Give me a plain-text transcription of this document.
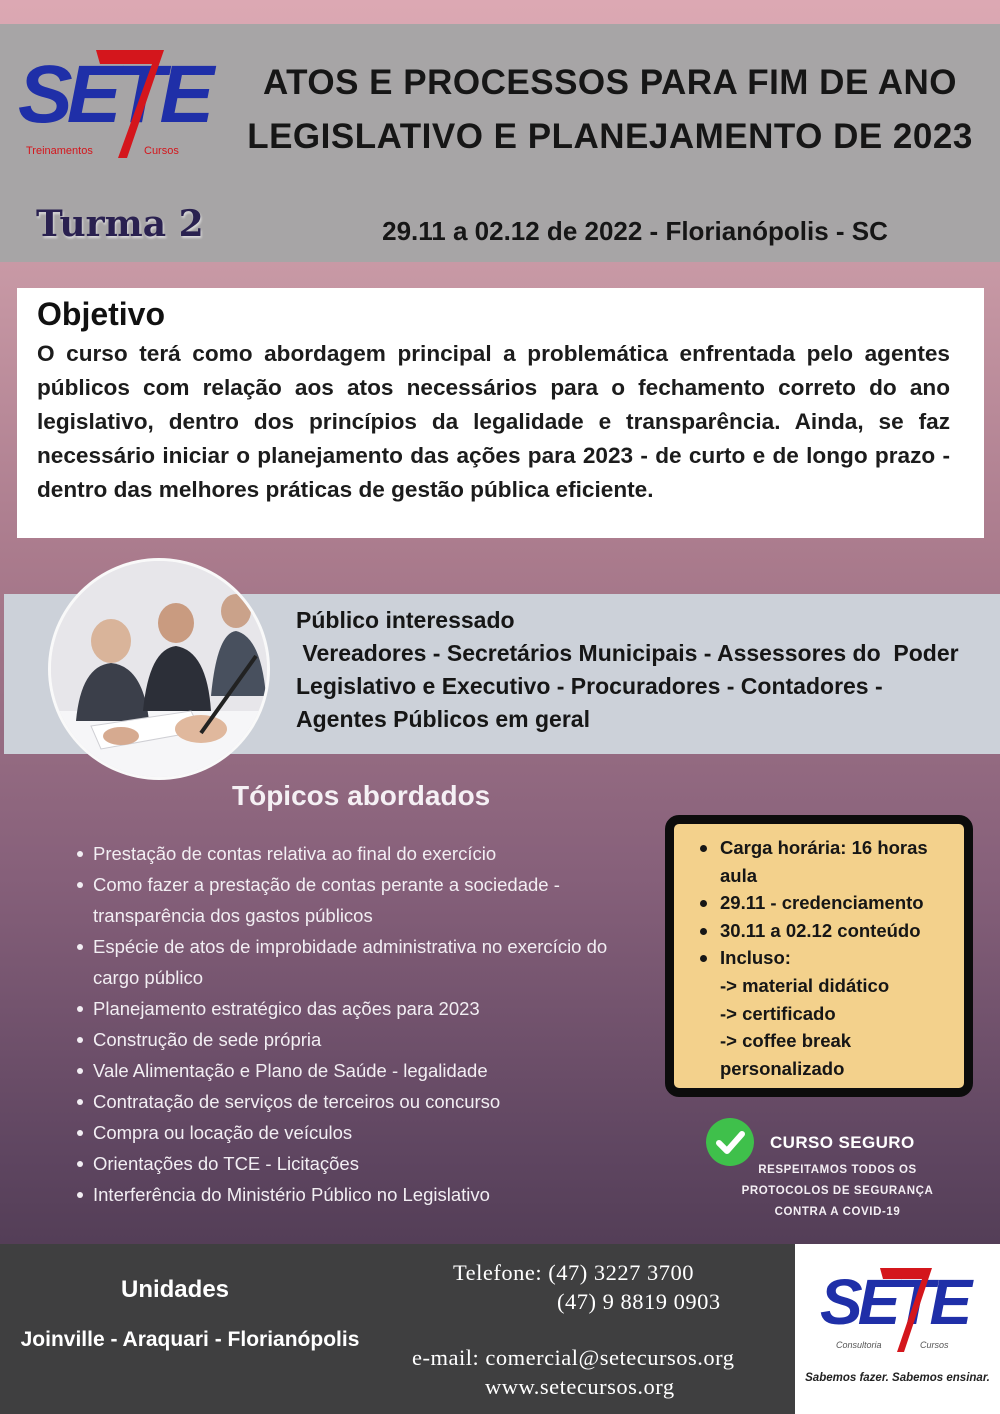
SETE
Treinamentos	Cursos
ATOS E PROCESSOS PARA FIM DE ANO
LEGISLATIVO E PLANEJAMENTO DE 2023
Turma 2	29.11 a 02.12 de 2022 - Florianópolis - SC
Objetivo

O curso terá como abordagem principal a problemática enfrentada pelo agentes públicos com relação aos atos necessários para o fechamento correto do ano legislativo, dentro dos princípios da legalidade e transparência. Ainda, se faz necessário iniciar o planejamento das ações para 2023 - de curto e de longo prazo - dentro das melhores práticas de gestão pública eficiente.

Público interessado
Vereadores - Secretários Municipais - Assessores do  Poder Legislativo e Executivo - Procuradores - Contadores - Agentes Públicos em geral
Tópicos abordados
Prestação de contas relativa ao final do exercício
Como fazer a prestação de contas perante a sociedade - transparência dos gastos públicos
Espécie de atos de improbidade administrativa no exercício do cargo público
Planejamento estratégico das ações para 2023
Construção de sede própria
Vale Alimentação e Plano de Saúde - legalidade
Contratação de serviços de terceiros ou concurso
Compra ou locação de veículos
Orientações do TCE - Licitações
Interferência do Ministério Público no Legislativo
Carga horária: 16 horas aula
29.11 - credenciamento
30.11 a 02.12 conteúdo
Incluso:
-> material didático
-> certificado
-> coffee break personalizado
CURSO SEGURO
RESPEITAMOS TODOS OS
PROTOCOLOS DE SEGURANÇA
CONTRA A COVID-19
Unidades
Joinville - Araquari - Florianópolis
Telefone: (47) 3227 3700
(47) 9 8819 0903
e-mail: comercial@setecursos.org
www.setecursos.org
SETE
Consultoria	Cursos
Sabemos fazer. Sabemos ensinar.
